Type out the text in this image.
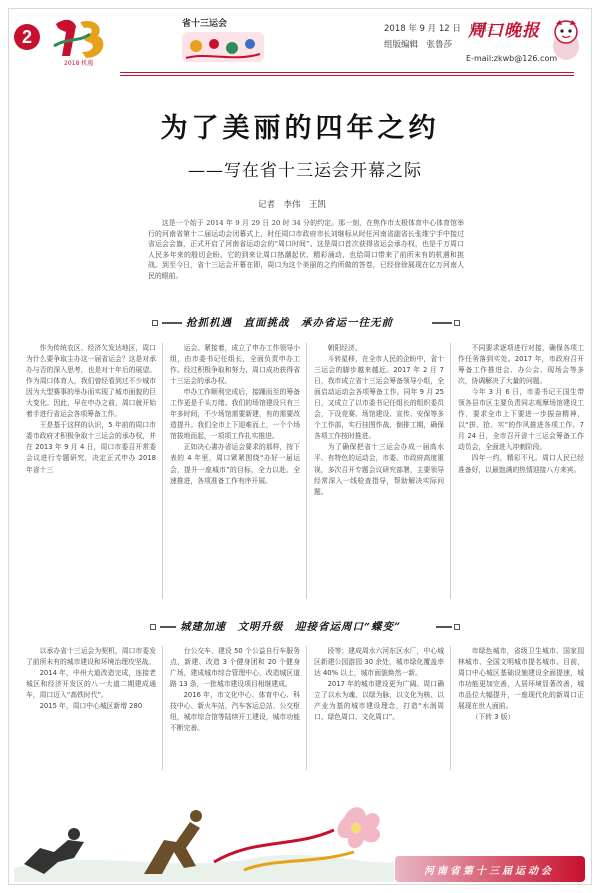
2
2018 机遇
省十三运会	2018 年 9 月 12 日　星期三
组版编辑　张鲁莎
E-mail:zkwb@126.com
周口晚报
为了美丽的四年之约
——写在省十三运会开幕之际
记者　李伟　王凯
这是一个始于 2014 年 9 月 29 日 20 时 34 分的约定。那一刻，在焦作市太极体育中心体育馆举行的河南省第十二届运动会闭幕式上，时任周口市政府市长刘继标从时任河南省副省长张维宁手中接过省运会会旗，正式开启了河南省运动会的“周口时间”。这是周口首次获得省运会承办权，也是千万周口人民多年来的殷切企盼。它的到来让周口热潮起伏、精彩涌动，也给周口带来了前所未有的机遇和挑战。到至今日，省十三运会开幕在即，周口为这个美丽的之约所做的答卷，已经徐徐展现在亿万河南人民的眼前。
抢抓机遇　直面挑战　承办省运一往无前

作为传统农区、经济欠发达地区，周口为什么要争取主办这一届省运会？这是对承办与否的深入思考，也是对十年后的展望。作为周口体育人，我们曾经看到过不少城市因为大型赛事的举办而实现了城市面貌的巨大变化。因此，早在申办之前，周口就开始着手进行省运会各项筹备工作。

王是基于这样的认识，5 年前的周口市委市政府才积极争取十三运会的承办权，并在 2013 年 9 月 4 日，周口市委召开常委会议进行专题研究，决定正式申办 2018 年省十三

运会。紧接着，成立了申办工作领导小组，由市委书记任组长，全面负责申办工作。经过积极争取和努力，周口成功获得省十三运会的承办权。

申办工作顺利完成后，接踵而至的筹备工作更是千头万绪。我们的场馆建设只有三年多时间，不少场馆需要新建，有的需要改造提升。我们全市上下迎难而上，一个个场馆拔地而起，一项项工作扎实推进。

正如决心書办省运会要求的那样，按下表的 4 年里，周口紧紧围绕“办好一届运会，提升一座城市”的目标，全力以赴、全速推进，各项准备工作有序开展。

朝阳经济。

斗转星移，在全市人民的企盼中，省十三运会的脚步越来越近。2017 年 2 月 7 日，我市成立省十三运会筹备领导小组，全面启动运动会各项筹备工作。同年 9 月 25 日，又成立了以市委书记任组长的组织委员会，下设竞赛、场馆建设、宣传、安保等多个工作部，实行挂图作战、倒排工期，确保各项工作按时推进。

为了确保把省十三运会办成一届高水平、有特色的运动会，市委、市政府高度重视，多次召开专题会议研究部署，主要领导经常深入一线检查指导，帮助解决实际问题。

不同要求逐项进行对接，确保各项工作任务落到实处。2017 年，市政府召开筹备工作推进会、办公会、现场会等多次，协调解决了大量的问题。

今年 3 月 6 日，市委书记王国生带领各县市区主要负责同志观摩场馆建设工作，要求全市上下要进一步振奋精神，以“拼、抢、实”的作风推进各项工作。7 月 24 日，全市召开省十三运会筹备工作动员会，全面进入冲刺阶段。

四年一约，精彩不凡。周口人民已经准备好，以最饱满的热情迎接八方来宾。

城建加速　文明升级　迎接省运周口“蝶变”

以承办省十三运会为契机，周口市委发了前所未有的城市建设和环境治理攻坚战。

2014 年，中州大道改造完成，连接老城区和经济开发区的八一大道二期建成通车，周口迈入“高铁时代”。

2015 年，周口中心城区新增 280

台公交车，建设 50 个公益自行车服务点，新建、改造 3 个健身团和 20 个健身广场，建成城市综合管理中心，改造城区道路 13 条，一批城市建设项目相继建成。

2016 年，市文化中心、体育中心、科技中心、新火车站，汽车客运总站、公交枢纽，城市综合馆等陆续开工建设，城市功能不断完善。

段等；建成周水六河东区水厂，中心城区新建公园游园 30 余处，城市绿化覆盖率达 40% 以上，城市面貌焕然一新。

2017 年的城市建设更为广阔。周口确立了以水为魂、以绿为脉，以文化为核、以产业为基的城市建设理念，打造“水润周口、绿色周口、文化周口”。

市绿色城市，省级卫生城市、国家园林城市、全国文明城市提名城市。目前，周口中心城区基础设施建设全面提速，城市功能更加完善，人居环境显著改善，城市品位大幅提升，一座现代化的新周口正展现在世人面前。

（下转 3 版）

河南省第十三届运动会
